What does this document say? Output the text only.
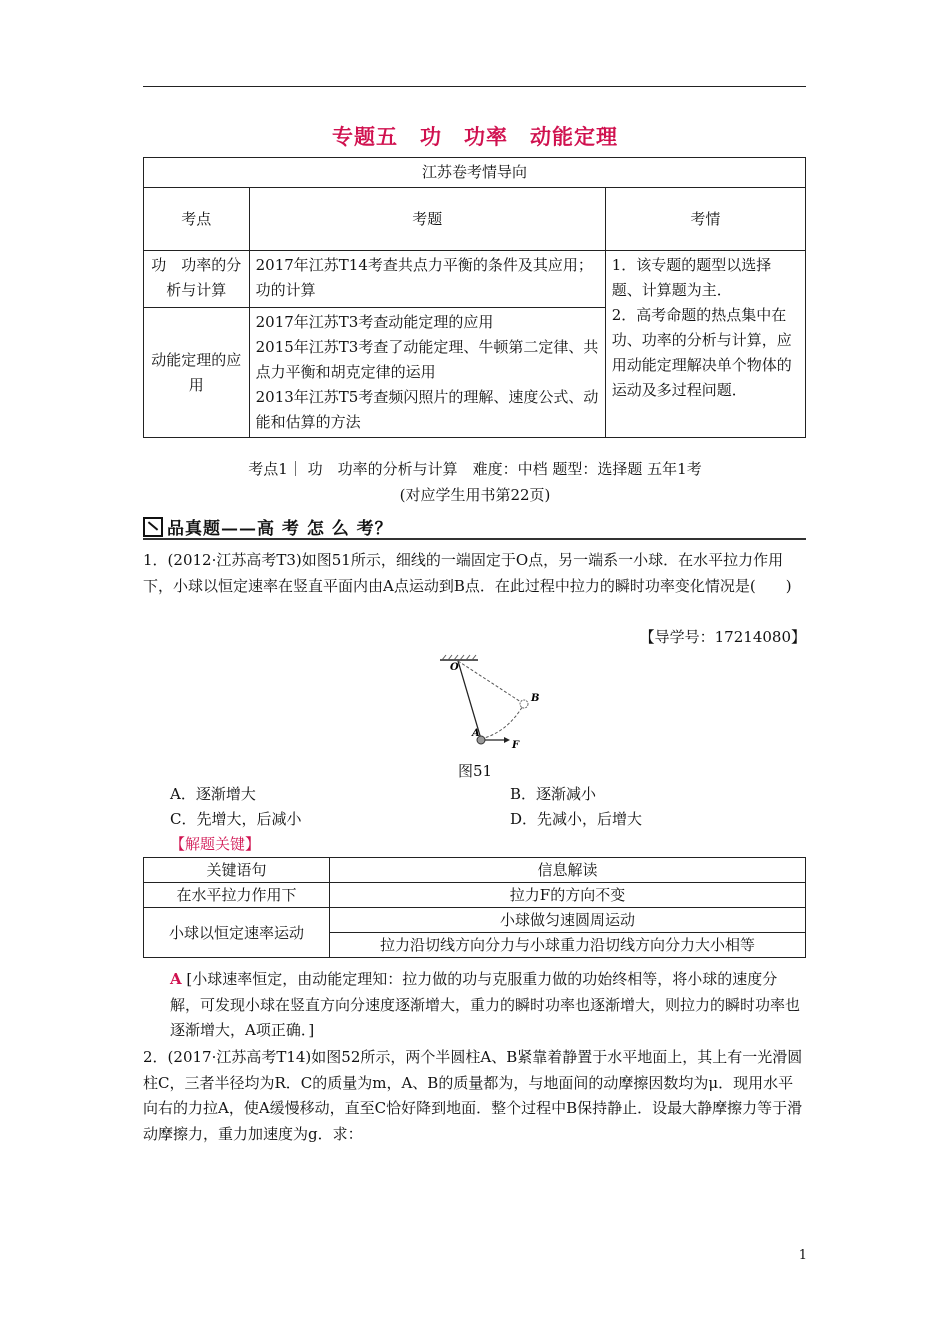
专题五　功　功率　动能定理
江苏卷考情导向		
考点	考题	考情
功　功率的分析与计算	2017年江苏T14考查共点力平衡的条件及其应用；功的计算	1．该专题的题型以选择题、计算题为主．
2．高考命题的热点集中在功、功率的分析与计算，应用动能定理解决单个物体的运动及多过程问题．

动能定理的应用	2017年江苏T3考查动能定理的应用
2015年江苏T3考查了动能定理、牛顿第二定律、共点力平衡和胡克定律的运用
2013年江苏T5考查频闪照片的理解、速度公式、动能和估算的方法	
考点1｜ 功　功率的分析与计算　难度：中档 题型：选择题 五年1考
(对应学生用书第22页)
品真题——高 考 怎 么 考？
1．(2012·江苏高考T3)如图51所示，细线的一端固定于O点，另一端系一小球．在水平拉力作用下，小球以恒定速率在竖直平面内由A点运动到B点．在此过程中拉力的瞬时功率变化情况是(　　)
【导学号：17214080】
O
B
A
F
图51
A．逐渐增大	B．逐渐减小
C．先增大，后减小	D．先减小，后增大
【解题关键】
关键语句	信息解读
在水平拉力作用下	拉力F的方向不变
小球以恒定速率运动	小球做匀速圆周运动
	拉力沿切线方向分力与小球重力沿切线方向分力大小相等
A [小球速率恒定，由动能定理知：拉力做的功与克服重力做的功始终相等，将小球的速度分解，可发现小球在竖直方向分速度逐渐增大，重力的瞬时功率也逐渐增大，则拉力的瞬时功率也逐渐增大，A项正确．]
2．(2017·江苏高考T14)如图52所示，两个半圆柱A、B紧靠着静置于水平地面上，其上有一光滑圆柱C，三者半径均为R．C的质量为m，A、B的质量都为，与地面间的动摩擦因数均为μ．现用水平向右的力拉A，使A缓慢移动，直至C恰好降到地面．整个过程中B保持静止．设最大静摩擦力等于滑动摩擦力，重力加速度为g．求：
1
